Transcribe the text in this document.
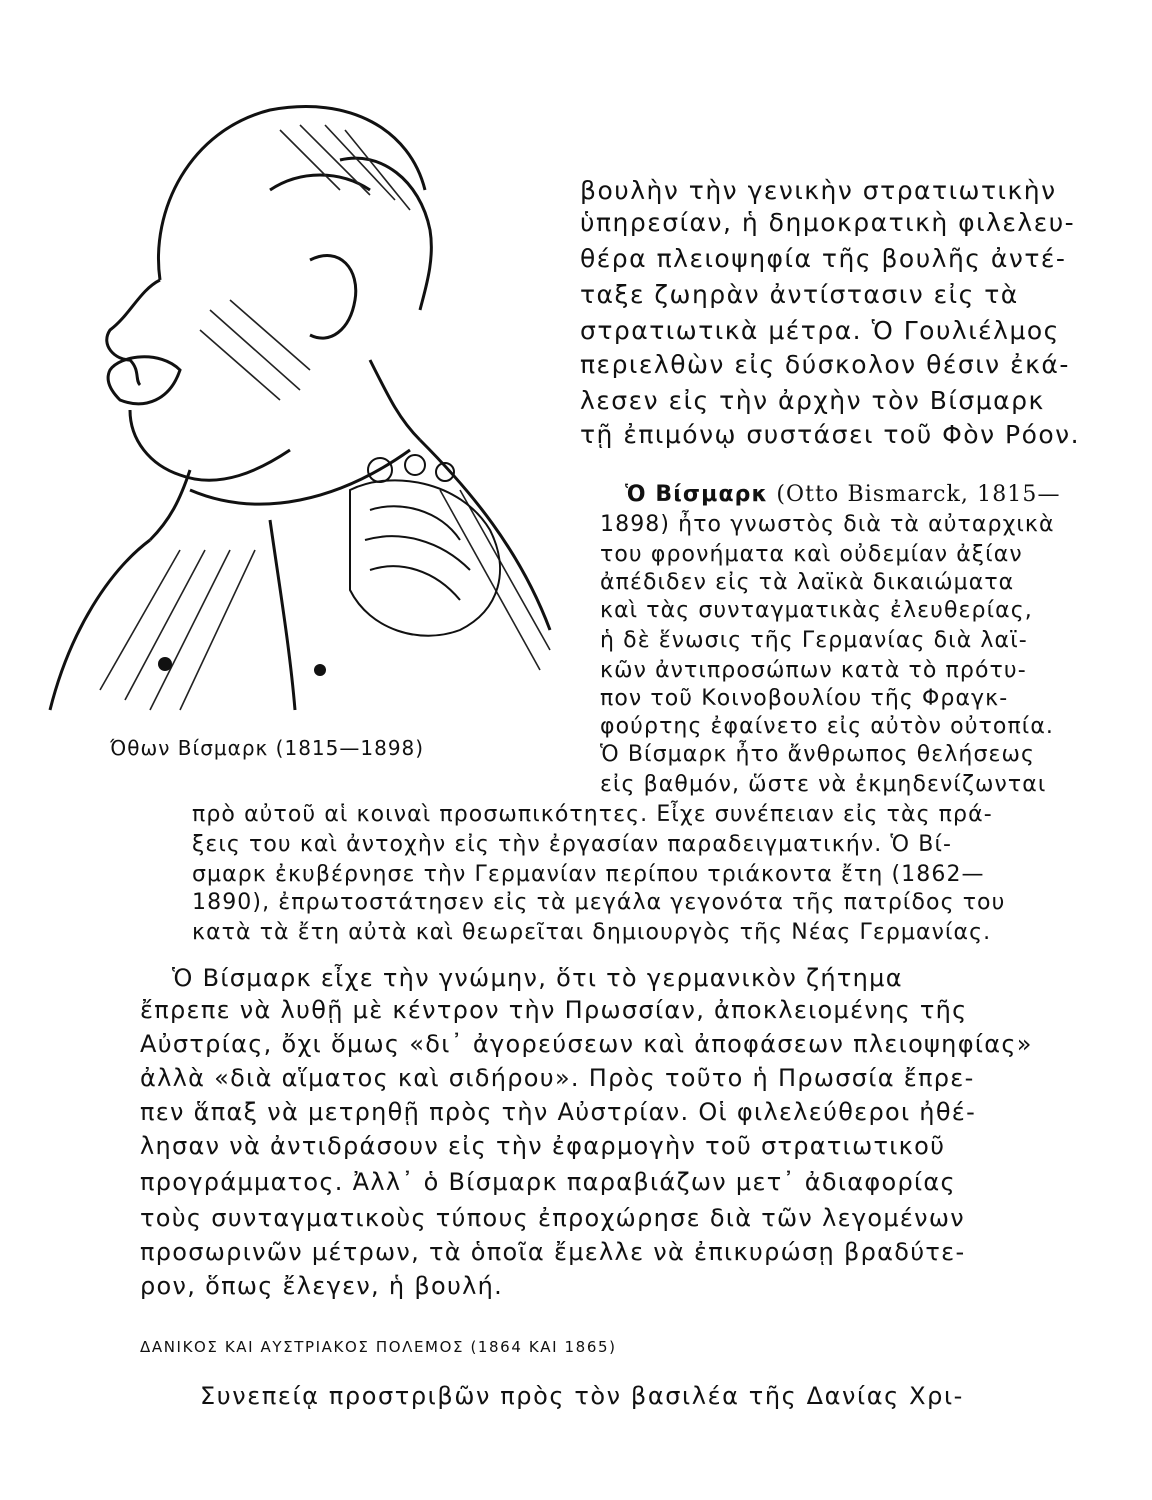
Όθων Βίσμαρκ (1815—1898)
βουλὴν τὴν γενικὴν στρατιωτικὴν
ὑπηρεσίαν, ἡ δημοκρατικὴ φιλελευ-
θέρα πλειοψηφία τῆς βουλῆς ἀντέ-
ταξε ζωηρὰν ἀντίστασιν εἰς τὰ
στρατιωτικὰ μέτρα. Ὁ Γουλιέλμος
περιελθὼν εἰς δύσκολον θέσιν ἐκά-
λεσεν εἰς τὴν ἀρχὴν τὸν Βίσμαρκ
τῇ ἐπιμόνῳ συστάσει τοῦ Φὸν Ρόον.
Ὁ Βίσμαρκ (Otto Bismarck, 1815—
1898) ἦτο γνωστὸς διὰ τὰ αὐταρχικὰ
του φρονήματα καὶ οὐδεμίαν ἀξίαν
ἀπέδιδεν εἰς τὰ λαϊκὰ δικαιώματα
καὶ τὰς συνταγματικὰς ἐλευθερίας,
ἡ δὲ ἕνωσις τῆς Γερμανίας διὰ λαϊ-
κῶν ἀντιπροσώπων κατὰ τὸ πρότυ-
πον τοῦ Κοινοβουλίου τῆς Φραγκ-
φούρτης ἐφαίνετο εἰς αὐτὸν οὐτοπία.
Ὁ Βίσμαρκ ἦτο ἄνθρωπος θελήσεως
εἰς βαθμόν, ὥστε νὰ ἐκμηδενίζωνται
πρὸ αὐτοῦ αἱ κοιναὶ προσωπικότητες. Εἶχε συνέπειαν εἰς τὰς πρά-
ξεις του καὶ ἀντοχὴν εἰς τὴν ἐργασίαν παραδειγματικήν. Ὁ Βί-
σμαρκ ἐκυβέρνησε τὴν Γερμανίαν περίπου τριάκοντα ἔτη (1862—
1890), ἐπρωτοστάτησεν εἰς τὰ μεγάλα γεγονότα τῆς πατρίδος του
κατὰ τὰ ἔτη αὐτὰ καὶ θεωρεῖται δημιουργὸς τῆς Νέας Γερμανίας.
Ὁ Βίσμαρκ εἶχε τὴν γνώμην, ὅτι τὸ γερμανικὸν ζήτημα
ἔπρεπε νὰ λυθῇ μὲ κέντρον τὴν Πρωσσίαν, ἀποκλειομένης τῆς
Αὐστρίας, ὄχι ὅμως «δι᾽ ἀγορεύσεων καὶ ἀποφάσεων πλειοψηφίας»
ἀλλὰ «διὰ αἵματος καὶ σιδήρου». Πρὸς τοῦτο ἡ Πρωσσία ἔπρε-
πεν ἅπαξ νὰ μετρηθῇ πρὸς τὴν Αὐστρίαν. Οἱ φιλελεύθεροι ἠθέ-
λησαν νὰ ἀντιδράσουν εἰς τὴν ἐφαρμογὴν τοῦ στρατιωτικοῦ
προγράμματος. Ἀλλ᾽ ὁ Βίσμαρκ παραβιάζων μετ᾽ ἀδιαφορίας
τοὺς συνταγματικοὺς τύπους ἐπροχώρησε διὰ τῶν λεγομένων
προσωρινῶν μέτρων, τὰ ὁποῖα ἔμελλε νὰ ἐπικυρώσῃ βραδύτε-
ρον, ὅπως ἔλεγεν, ἡ βουλή.
ΔΑΝΙΚΟΣ ΚΑΙ ΑΥΣΤΡΙΑΚΟΣ ΠΟΛΕΜΟΣ (1864 ΚΑΙ 1865)
Συνεπείᾳ προστριβῶν πρὸς τὸν βασιλέα τῆς Δανίας Χρι-
